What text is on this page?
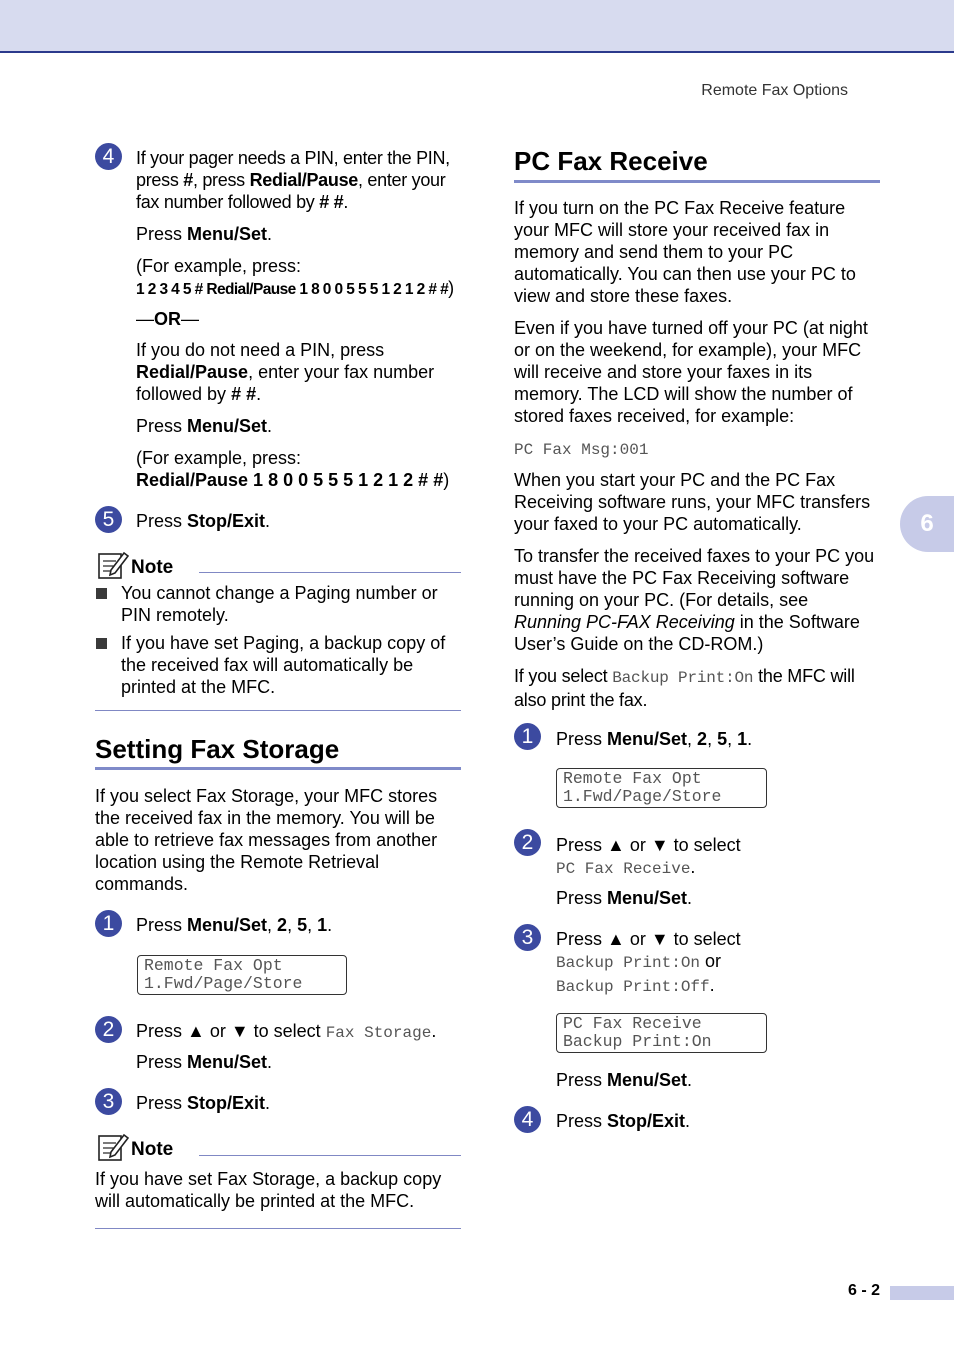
Remote Fax Options
4	If your pager needs a PIN, enter the PIN,
press #, press Redial/Pause, enter your
fax number followed by # #.
Press Menu/Set.
(For example, press:
1 2 3 4 5 # Redial/Pause 1 8 0 0 5 5 5 1 2 1 2 # #)
—OR—
If you do not need a PIN, press
Redial/Pause, enter your fax number
followed by # #.
Press Menu/Set.
(For example, press:
Redial/Pause 1 8 0 0 5 5 5 1 2 1 2 # #)
5	Press Stop/Exit.
Note
You cannot change a Paging number or
PIN remotely.
If you have set Paging, a backup copy of
the received fax will automatically be
printed at the MFC.
Setting Fax Storage
If you select Fax Storage, your MFC stores
the received fax in the memory. You will be
able to retrieve fax messages from another
location using the Remote Retrieval
commands.
1	Press Menu/Set, 2, 5, 1.
Remote Fax Opt
1.Fwd/Page/Store
2	Press ▲ or ▼ to select Fax Storage.
Press Menu/Set.
3	Press Stop/Exit.
Note
If you have set Fax Storage, a backup copy
will automatically be printed at the MFC.
PC Fax Receive
If you turn on the PC Fax Receive feature
your MFC will store your received fax in
memory and send them to your PC
automatically. You can then use your PC to
view and store these faxes.
Even if you have turned off your PC (at night
or on the weekend, for example), your MFC
will receive and store your faxes in its
memory. The LCD will show the number of
stored faxes received, for example:
PC Fax Msg:001
When you start your PC and the PC Fax
Receiving software runs, your MFC transfers
your faxed to your PC automatically.
To transfer the received faxes to your PC you
must have the PC Fax Receiving software
running on your PC. (For details, see
Running PC-FAX Receiving in the Software
User’s Guide on the CD-ROM.)
If you select Backup Print:On the MFC will
also print the fax.
1	Press Menu/Set, 2, 5, 1.
Remote Fax Opt
1.Fwd/Page/Store
2	Press ▲ or ▼ to select
PC Fax Receive.
Press Menu/Set.
3	Press ▲ or ▼ to select
Backup Print:On or
Backup Print:Off.
PC Fax Receive
Backup Print:On
Press Menu/Set.
4	Press Stop/Exit.
6
6 - 2
